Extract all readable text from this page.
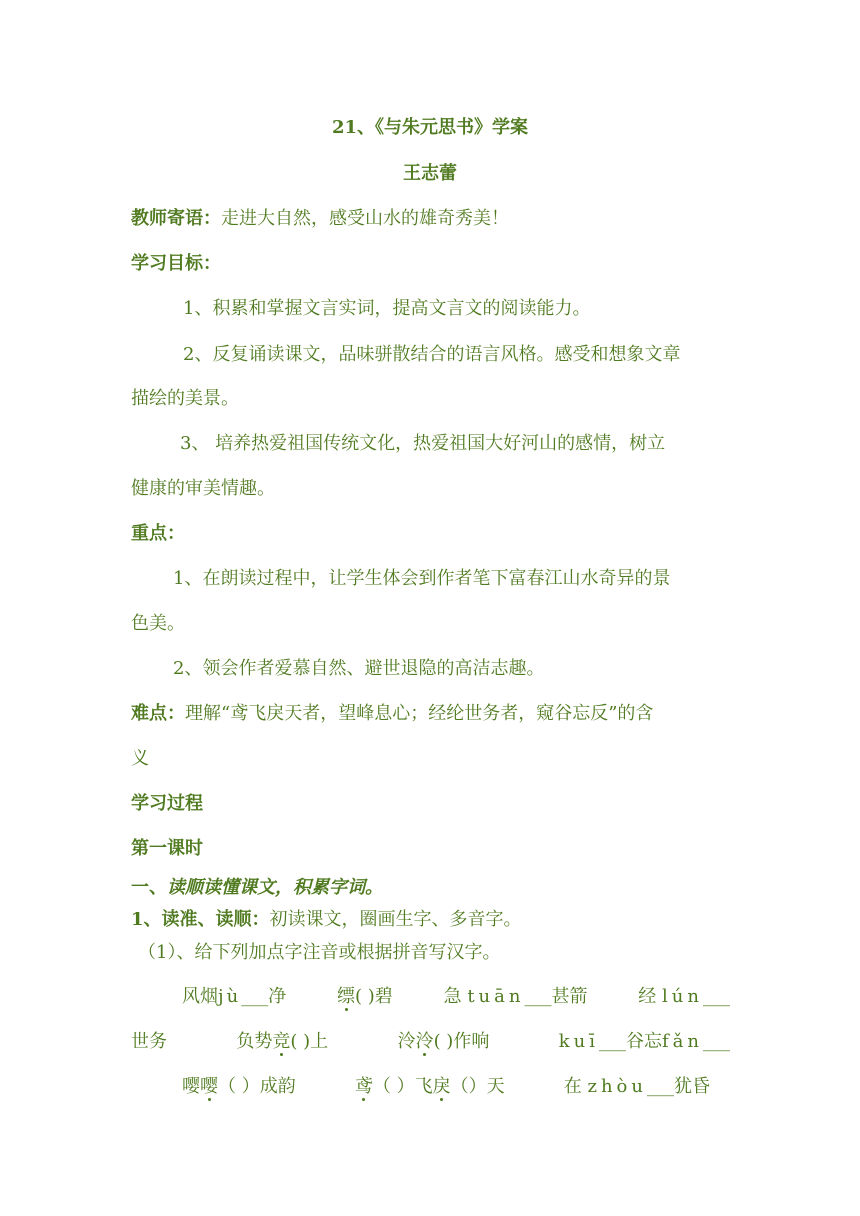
21、《与朱元思书》学案
王志蕾
教师寄语：走进大自然，感受山水的雄奇秀美！
学习目标：
1、积累和掌握文言实词，提高文言文的阅读能力。
2、反复诵读课文，品味骈散结合的语言风格。感受和想象文章
描绘的美景。
3、 培养热爱祖国传统文化，热爱祖国大好河山的感情，树立
健康的审美情趣。
重点：
1、在朗读过程中，让学生体会到作者笔下富春江山水奇异的景
色美。
2、领会作者爱慕自然、避世退隐的高洁志趣。
难点：理解“鸢飞戾天者，望峰息心；经纶世务者，窥谷忘反”的含
义
学习过程
第一课时
一、读顺读懂课文，积累字词。
1、读准、读顺：初读课文，圈画生字、多音字。
（1）、给下列加点字注音或根据拼音写汉字。
风烟jù___净	缥( )碧	急 tuān___甚箭	经 lún___
世务	负势竞( )上	泠泠( )作响	kuī___谷忘fǎn___
嘤嘤（ ）成韵	鸢（ ）飞戾（）天	在 zhòu___犹昏
